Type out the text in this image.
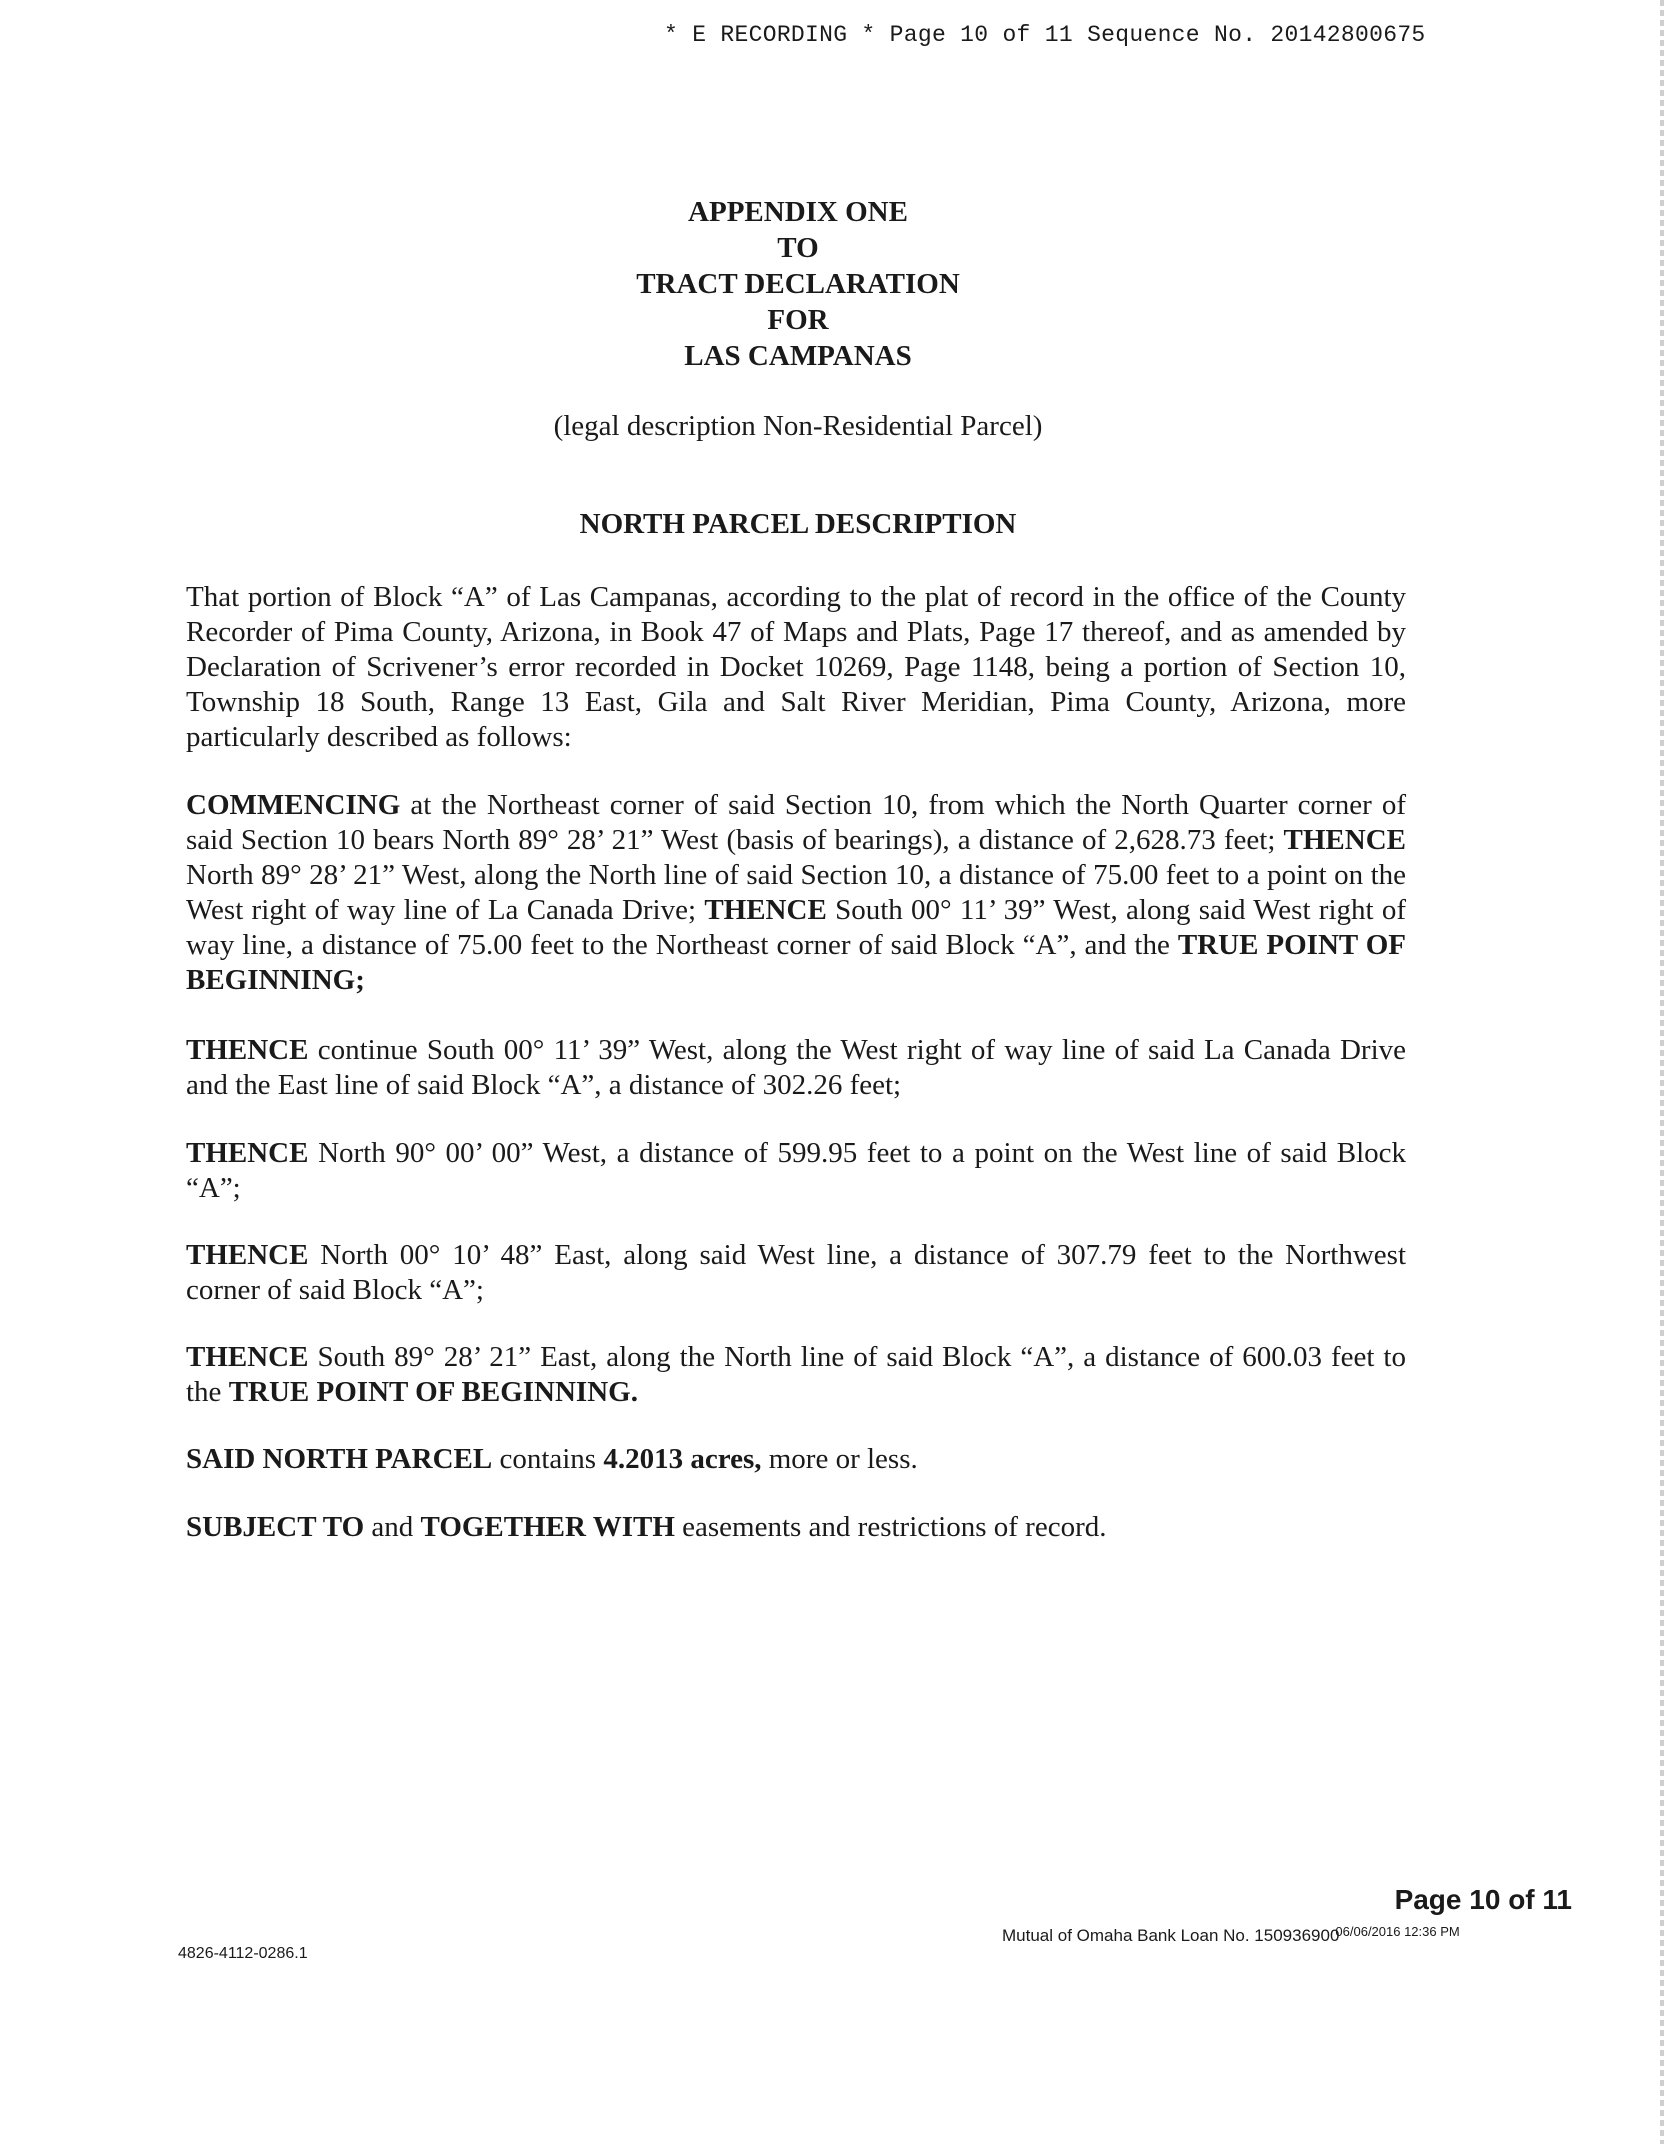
* E RECORDING * Page 10 of 11 Sequence No. 20142800675
APPENDIX ONE
TO
TRACT DECLARATION
FOR
LAS CAMPANAS
(legal description Non-Residential Parcel)
NORTH PARCEL DESCRIPTION
That portion of Block “A” of Las Campanas, according to the plat of record in the office of the County Recorder of Pima County, Arizona, in Book 47 of Maps and Plats, Page 17 thereof, and as amended by Declaration of Scrivener’s error recorded in Docket 10269, Page 1148, being a portion of Section 10, Township 18 South, Range 13 East, Gila and Salt River Meridian, Pima County, Arizona, more particularly described as follows:
COMMENCING at the Northeast corner of said Section 10, from which the North Quarter corner of said Section 10 bears North 89° 28’ 21” West (basis of bearings), a distance of 2,628.73 feet; THENCE North 89° 28’ 21” West, along the North line of said Section 10, a distance of 75.00 feet to a point on the West right of way line of La Canada Drive; THENCE South 00° 11’ 39” West, along said West right of way line, a distance of 75.00 feet to the Northeast corner of said Block “A”, and the TRUE POINT OF BEGINNING;
THENCE continue South 00° 11’ 39” West, along the West right of way line of said La Canada Drive and the East line of said Block “A”, a distance of 302.26 feet;
THENCE North 90° 00’ 00” West, a distance of 599.95 feet to a point on the West line of said Block “A”;
THENCE North 00° 10’ 48” East, along said West line, a distance of 307.79 feet to the Northwest corner of said Block “A”;
THENCE South 89° 28’ 21” East, along the North line of said Block “A”, a distance of 600.03 feet to the TRUE POINT OF BEGINNING.
SAID NORTH PARCEL contains 4.2013 acres, more or less.
SUBJECT TO and TOGETHER WITH easements and restrictions of record.
Page 10 of 11
Mutual of Omaha Bank Loan No. $150936900^{06/06/2016 12:36 PM}$
4826-4112-0286.1
